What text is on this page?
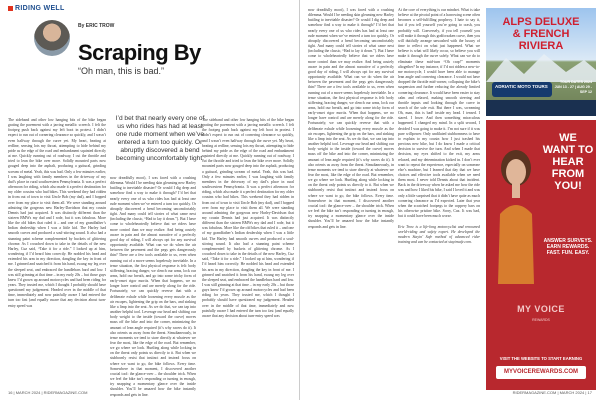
RIDING WELL
By ERIC TROW
Scraping By
“Oh man, this is bad.”
The sideband and other low hanging bits of the bike began grating the pavement with a jarring metallic screech. I felt the footpeg push back against my left boot in protest. I didn’t expect to run out of cornering clearance so quickly, and I wasn’t even halfway through the curve yet. My heart, beating at redline, sensing lots my throat, attempting to hide behind my pride as the edge of the road and embankment squinted directly at me. Quickly running out of roadway, I cut the throttle and tried to lean the bike over more. Solidly mounted parts now gouged deep into the asphalt, producing a guttural, grinding scream of metal. Yeah, this was bad. Only a few minutes earlier, I was laughing with family members in the driveway of my dad’s place in rural southwestern Pennsylvania. It was a perfect afternoon for riding, which also made it a perfect destination for my older cousins who had bikes. This weekend they had ridden in from out of town to visit Uncle Bob (my dad), and I hopped over from my place to visit them all. We were standing around admiring the gorgeous new Harley-Davidson that my cousin Dennis had just acquired. It was distinctly different than the sixteen BMWs my dad and I rode, but it was fabulous. More like the old bikes that ruled it – and one of my grandfather’s Indian dealership when I was a little kid. The Harley had smooth curves and produced a soul-stirring sound. It also had a stunning paint scheme complemented by buckets of glittering chrome. As I crouched down to take in the details of the new Harley, Cuz said, “Take it for a ride.” I looked up at him, wondering if I’d heard him correctly. He nodded his head and extended his arm in my direction, dangling the key in front of me. I grinned and snatched it from his hand, swung my leg over the sleeped seat, and embraced the handlebars hard and low. I was still grinning at that time – in my early 20s – but those guys knew I’d grown up around motorcycles and had been riding for years. They trusted me, which I thought I probably should have questioned my judgement. Headed over in the middle of that time, immediately and now painfully aware I had entered the turn too fast (and equally aware that any decision about turn-entry speed was
I’d bet that nearly every one of us who rides has had at least one rude moment when we’ve entered a turn too quickly. Or abruptly discovered a bend becoming uncomfortably tight.
now dreadfully moot), I was faced with a crushing dilemma. Would I be needing skin gleaming new Harley battling to inevitable disaster? Or would I dig deep and somehow find a way to make it through? I’d bet that nearly every one of us who rides has had at least one rude moment when we’ve entered a turn too quickly. Or abruptly discovered a bend becoming uncomfortably tight. And many could tell stories of what came next (including the classic, “Had to lay it down.”). But I have come to wholeheartedly believe that we riders have more control than we may realize. And being acutely aware in pain and the almost narrative of a perfectly good day of riding, I will always opt for any survival opportunity available. What can we do when the air between the pavement and the pegs gets dangerously thin? There are a few tools available to us, even when running out of a move seems hopelessly inevitable. In a tense situation, the first physical response is felt: body stiffening, bracing danger, we clench our arms, lock our arms, hold our breath, and go into some tricky form of early-onset rigor mortis. When that happens, we no longer have control and are merely along for the ride. Fortunately, we can quickly reverse that with a deliberate exhale while loosening every muscle as the air escapes, lightening the grip on the bars, and sinking like a limp into the seat. As we do that, we can tap into another helpful tool. Leverage our head and shifting our body weight to the inside (toward the curve) moves mass off the bike and into the corner, minimizing the amount of lean angle required (it’s why racers do it). It also orients us away from the threat. Simultaneously, in tense moments we tend to stare directly at whatever we fear the most, like the edge of the road. But remember, we go where we look. Hurtling along while locking in on the threat only points us directly to it. But when we stubbornly resist that instinct and instead focus on where we want to go, the bike follows. Every time. Somewhere in that moment, I discovered another crucial tool: the glance-over – the shoulder trick. When we feel the bike isn’t responding or turning in enough, try snapping a momentary glance over the inside shoulder. You’ll be amazed how the bike instantly responds and gets in line.
The sideband and other low hanging bits of the bike began grating the pavement with a jarring metallic screech. I felt the footpeg push back against my left boot in protest. I didn’t expect to run out of cornering clearance so quickly, and I wasn’t even halfway through the curve yet. My heart, beating at redline, sensing lots my throat, attempting to hide behind my pride as the edge of the road and embankment squinted directly at me. Quickly running out of roadway, I cut the throttle and tried to lean the bike over more. Solidly mounted parts now gouged deep into the asphalt, producing a guttural, grinding scream of metal. Yeah, this was bad. Only a few minutes earlier, I was laughing with family members in the driveway of my dad’s place in rural southwestern Pennsylvania. It was a perfect afternoon for riding, which also made it a perfect destination for my older cousins who had bikes. This weekend they had ridden in from out of town to visit Uncle Bob (my dad), and I hopped over from my place to visit them all. We were standing around admiring the gorgeous new Harley-Davidson that my cousin Dennis had just acquired. It was distinctly different than the sixteen BMWs my dad and I rode, but it was fabulous. More like the old bikes that ruled it – and one of my grandfather’s Indian dealership when I was a little kid. The Harley had smooth curves and produced a soul-stirring sound. It also had a stunning paint scheme complemented by buckets of glittering chrome. As I crouched down to take in the details of the new Harley, Cuz said, “Take it for a ride.” I looked up at him, wondering if I’d heard him correctly. He nodded his head and extended his arm in my direction, dangling the key in front of me. I grinned and snatched it from his hand, swung my leg over the sleeped seat, and embraced the handlebars hard and low. I was still grinning at that time – in my early 20s – but those guys knew I’d grown up around motorcycles and had been riding for years. They trusted me, which I thought I probably should have questioned my judgement. Headed over in the middle of that time, immediately and now painfully aware I had entered the turn too fast (and equally aware that any decision about turn-entry speed was
16 | MARCH 2024 | RIDERMAGAZINE.COM
now dreadfully moot), I was faced with a crushing dilemma. Would I be needing skin gleaming new Harley battling to inevitable disaster? Or would I dig deep and somehow find a way to make it through? I’d bet that nearly every one of us who rides has had at least one rude moment when we’ve entered a turn too quickly. Or abruptly discovered a bend becoming uncomfortably tight. And many could tell stories of what came next (including the classic, “Had to lay it down.”). But I have come to wholeheartedly believe that we riders have more control than we may realize. And being acutely aware in pain and the almost narrative of a perfectly good day of riding, I will always opt for any survival opportunity available. What can we do when the air between the pavement and the pegs gets dangerously thin? There are a few tools available to us, even when running out of a move seems hopelessly inevitable. In a tense situation, the first physical response is felt: body stiffening, bracing danger, we clench our arms, lock our arms, hold our breath, and go into some tricky form of early-onset rigor mortis. When that happens, we no longer have control and are merely along for the ride. Fortunately, we can quickly reverse that with a deliberate exhale while loosening every muscle as the air escapes, lightening the grip on the bars, and sinking like a limp into the seat. As we do that, we can tap into another helpful tool. Leverage our head and shifting our body weight to the inside (toward the curve) moves mass off the bike and into the corner, minimizing the amount of lean angle required (it’s why racers do it). It also orients us away from the threat. Simultaneously, in tense moments we tend to stare directly at whatever we fear the most, like the edge of the road. But remember, we go where we look. Hurtling along while locking in on the threat only points us directly to it. But when we stubbornly resist that instinct and instead focus on where we want to go, the bike follows. Every time. Somewhere in that moment, I discovered another crucial tool: the glance-over – the shoulder trick. When we feel the bike isn’t responding or turning in enough, try snapping a momentary glance over the inside shoulder. You’ll be amazed how the bike instantly responds and gets in line.
At the core of everything is our mindset. What is take believe at the pivotal point of a harrowing scene often becomes a self-fulfilling prophecy. I hate to say it, but if you tell yourself you’re going to crash, you probably will. Conversely, if you tell yourself you will make it through this godforsaken curve, then you will dutifully arrange unwashed with the luxury of time to reflect on what just happened. What we believe is what will likely occur, so believe you will make it through the curve safely. What can we do to eliminate these mid-turn “Oh crap!” moments altogether? In my instance, if I’d not ridden a new-to-me motorcycle, I would have been able to manage lean angle and cornering clearance. I would not have dropped the throttle mid-corner, collapsing the bike’s suspension and further reducing the already limited cornering clearance. It would have been easier to stay calm and relaxed, making smooth steering and throttle inputs and looking through the curve in search of the safe exit. But there I was, screaming Oh, man, this is bad! inside my head. I tensed. I stared. I froze. And then something miraculous happened. I changed my mind. In a split second, I decided I was going to make it. I’m not sure if it was pure willpower. Only undiluted stubbornness to have to explain to my cousin how I just trashed his precious new bike, but I do know I made a critical decision to survive the turn. And when I made that decision, my eyes shifted to the exit, my arms relaxed, and my determination kicked in. I don’t ever want to repeat the experience, especially on someone else’s machine, but I learned that day that we have choices and effective tools available when we need them most. I never told Dennis about that incident. Back in the driveway when he asked me how the ride was and how I liked his bike, I said I loved it and was only a little surprised that it didn’t have quite as much cornering clearance as I’d expected. Later that year when the scratched footpegs to the coppery bars on his otherwise pristine bike. Sorry, Cuz. It was bad, but it could have been much worse.

Eric Trow is a life-long motorcyclist and renowned world-riding and safety expert. He developed the modern Stayin’ Safe method of advanced rider training and can be contacted at stayinsafe.com.
ALPS DELUXE
& FRENCH
RIVIERA
ADRIATIC MOTO TOURS
TOUR DATES 2024
JUN 13 - 27 | AUG 29 - SEP 12
WE WANT TO HEAR FROM YOU!
ANSWER SURVEYS. EARN REWARDS. FAST. FUN. EASY.
MY VOICE
REWARDS
VISIT THE WEBSITE TO START EARNING
MYVOICEREWARDS.COM
RIDERMAGAZINE.COM | MARCH 2024 | 17
